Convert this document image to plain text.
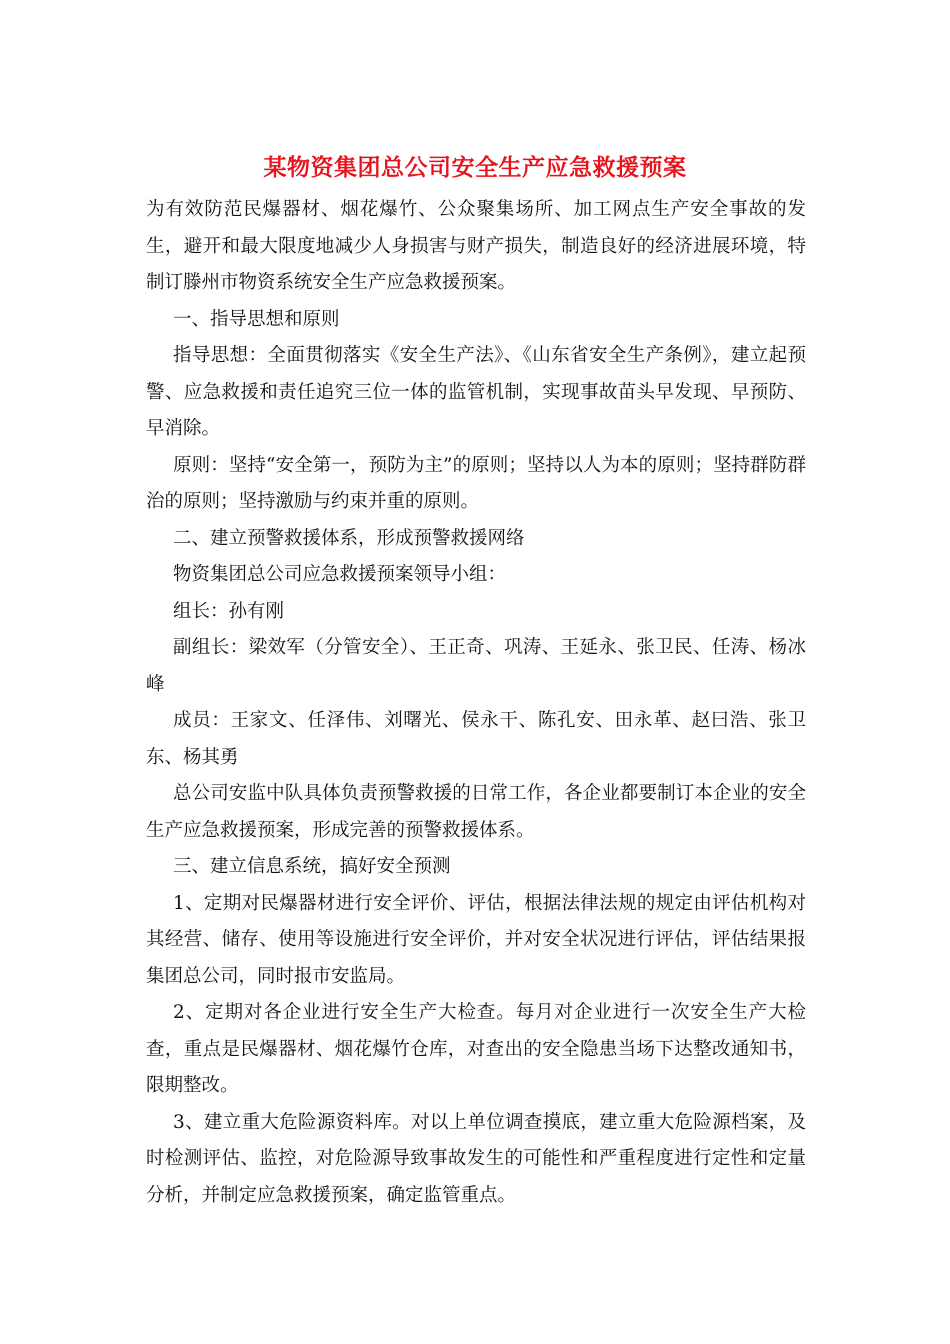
某物资集团总公司安全生产应急救援预案

为有效防范民爆器材、烟花爆竹、公众聚集场所、加工网点生产安全事故的发生，避开和最大限度地减少人身损害与财产损失，制造良好的经济进展环境，特制订滕州市物资系统安全生产应急救援预案。

一、指导思想和原则

指导思想：全面贯彻落实《安全生产法》、《山东省安全生产条例》，建立起预警、应急救援和责任追究三位一体的监管机制，实现事故苗头早发现、早预防、早消除。

原则：坚持“安全第一，预防为主”的原则；坚持以人为本的原则；坚持群防群治的原则；坚持激励与约束并重的原则。

二、建立预警救援体系，形成预警救援网络

物资集团总公司应急救援预案领导小组：

组长：孙有刚

副组长：梁效军（分管安全）、王正奇、巩涛、王延永、张卫民、任涛、杨冰峰

成员：王家文、任泽伟、刘曙光、侯永干、陈孔安、田永革、赵曰浩、张卫东、杨其勇

总公司安监中队具体负责预警救援的日常工作，各企业都要制订本企业的安全生产应急救援预案，形成完善的预警救援体系。

三、建立信息系统，搞好安全预测

1、定期对民爆器材进行安全评价、评估，根据法律法规的规定由评估机构对其经营、储存、使用等设施进行安全评价，并对安全状况进行评估，评估结果报集团总公司，同时报市安监局。

2、定期对各企业进行安全生产大检查。每月对企业进行一次安全生产大检查，重点是民爆器材、烟花爆竹仓库，对查出的安全隐患当场下达整改通知书，限期整改。

3、建立重大危险源资料库。对以上单位调查摸底，建立重大危险源档案，及时检测评估、监控，对危险源导致事故发生的可能性和严重程度进行定性和定量分析，并制定应急救援预案，确定监管重点。
